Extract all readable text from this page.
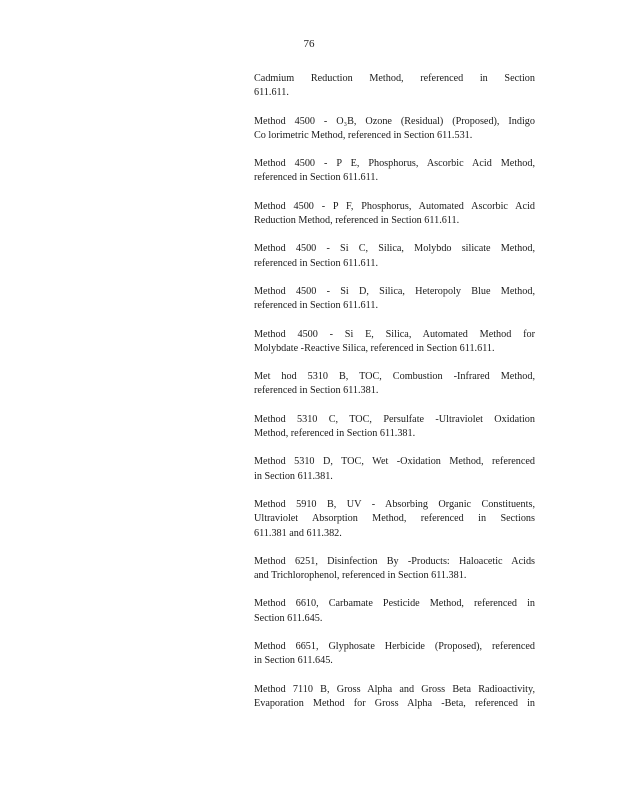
76
Cadmium Reduction Method, referenced in Section
611.611.
Method 4500 - O₃B, Ozone (Residual) (Proposed), Indigo
Co lorimetric Method, referenced in Section 611.531.
Method 4500 - P E, Phosphorus, Ascorbic Acid Method,
referenced in Section 611.611.
Method 4500 - P F, Phosphorus, Automated Ascorbic Acid
Reduction Method, referenced in Section 611.611.
Method 4500 - Si C, Silica, Molybdo silicate Method,
referenced in Section 611.611.
Method 4500 - Si D, Silica, Heteropoly Blue Method,
referenced in Section 611.611.
Method 4500 - Si E, Silica, Automated Method for
Molybdate -Reactive Silica, referenced in Section 611.611.
Met hod 5310 B, TOC, Combustion -Infrared Method,
referenced in Section 611.381.
Method 5310 C, TOC, Persulfate -Ultraviolet Oxidation
Method, referenced in Section 611.381.
Method 5310 D, TOC, Wet -Oxidation Method, referenced
in Section 611.381.
Method 5910 B, UV - Absorbing Organic Constituents,
Ultraviolet Absorption Method, referenced in Sections
611.381 and 611.382.
Method 6251, Disinfection By -Products: Haloacetic Acids
and Trichlorophenol, referenced in Section 611.381.
Method 6610, Carbamate Pesticide Method, referenced in
Section 611.645.
Method 6651, Glyphosate Herbicide (Proposed), referenced
in Section 611.645.
Method 7110 B, Gross Alpha and Gross Beta Radioactivity,
Evaporation Method for Gross Alpha -Beta, referenced in
